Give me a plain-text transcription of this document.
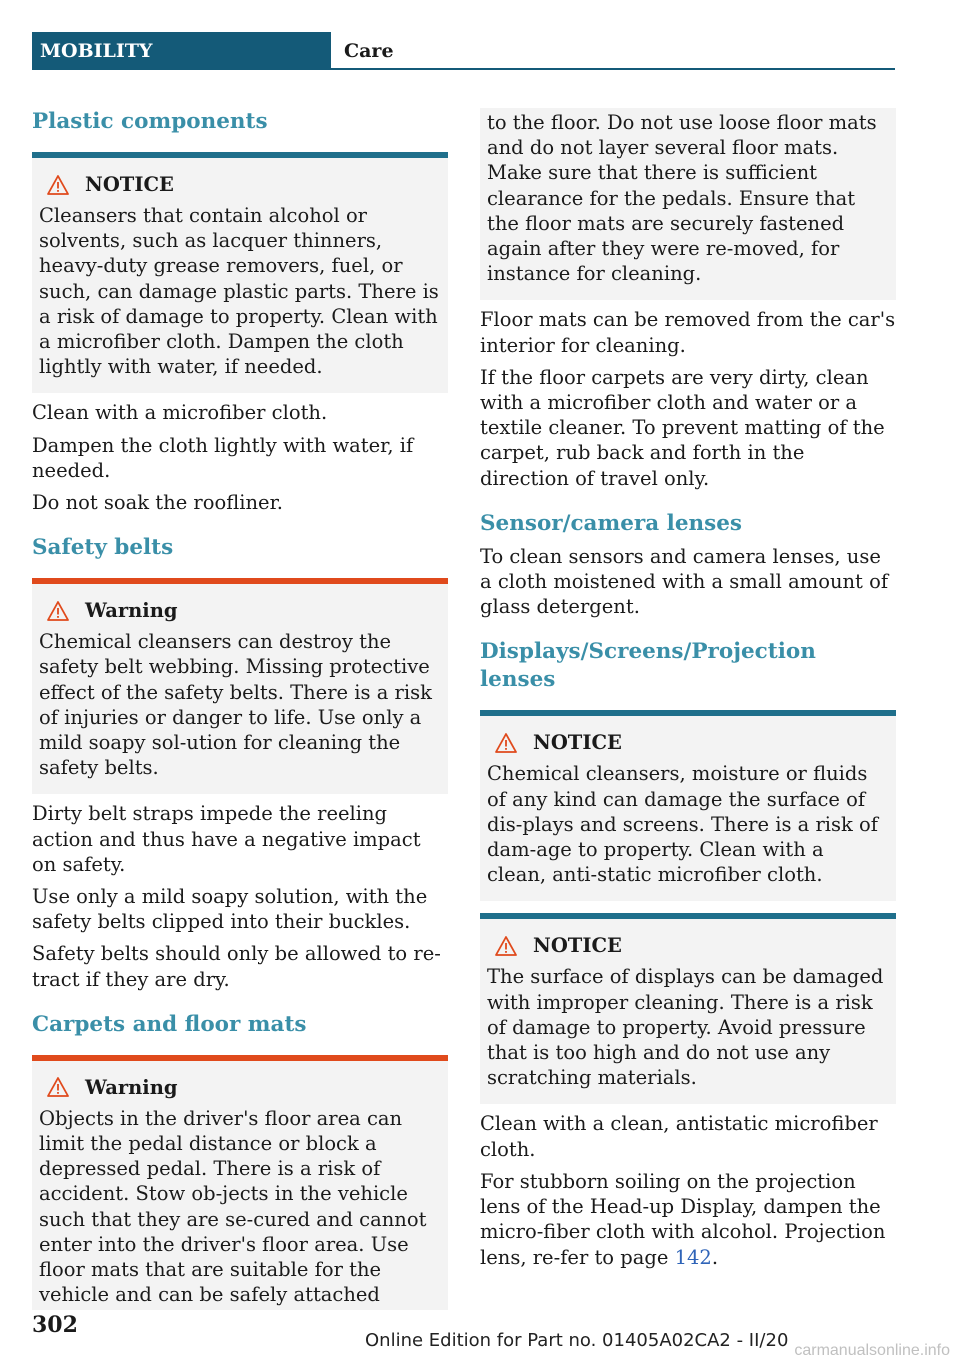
MOBILITY	Care
Plastic components
NOTICE

Cleansers that contain alcohol or solvents, such as lacquer thinners, heavy-duty grease removers, fuel, or such, can damage plastic parts. There is a risk of damage to property. Clean with a microfiber cloth. Dampen the cloth lightly with water, if needed.

Clean with a microfiber cloth.

Dampen the cloth lightly with water, if needed.

Do not soak the roofliner.

Safety belts
Warning

Chemical cleansers can destroy the safety belt webbing. Missing protective effect of the safety belts. There is a risk of injuries or danger to life. Use only a mild soapy sol‐ution for cleaning the safety belts.

Dirty belt straps impede the reeling action and thus have a negative impact on safety.

Use only a mild soapy solution, with the safety belts clipped into their buckles.

Safety belts should only be allowed to re‐tract if they are dry.

Carpets and floor mats
Warning

Objects in the driver's floor area can limit the pedal distance or block a depressed pedal. There is a risk of accident. Stow ob‐jects in the vehicle such that they are se‐cured and cannot enter into the driver's floor area. Use floor mats that are suitable for the vehicle and can be safely attached

to the floor. Do not use loose floor mats and do not layer several floor mats. Make sure that there is sufficient clearance for the pedals. Ensure that the floor mats are securely fastened again after they were re‐moved, for instance for cleaning.

Floor mats can be removed from the car's interior for cleaning.

If the floor carpets are very dirty, clean with a microfiber cloth and water or a textile cleaner. To prevent matting of the carpet, rub back and forth in the direction of travel only.

Sensor/camera lenses

To clean sensors and camera lenses, use a cloth moistened with a small amount of glass detergent.

Displays/Screens/Projection lenses
NOTICE

Chemical cleansers, moisture or fluids of any kind can damage the surface of dis‐plays and screens. There is a risk of dam‐age to property. Clean with a clean, anti‐static microfiber cloth.

NOTICE

The surface of displays can be damaged with improper cleaning. There is a risk of damage to property. Avoid pressure that is too high and do not use any scratching materials.

Clean with a clean, antistatic microfiber cloth.

For stubborn soiling on the projection lens of the Head-up Display, dampen the micro‐fiber cloth with alcohol. Projection lens, re‐fer to page 142.

302
Online Edition for Part no. 01405A02CA2 - II/20 carmanualsonline.info
